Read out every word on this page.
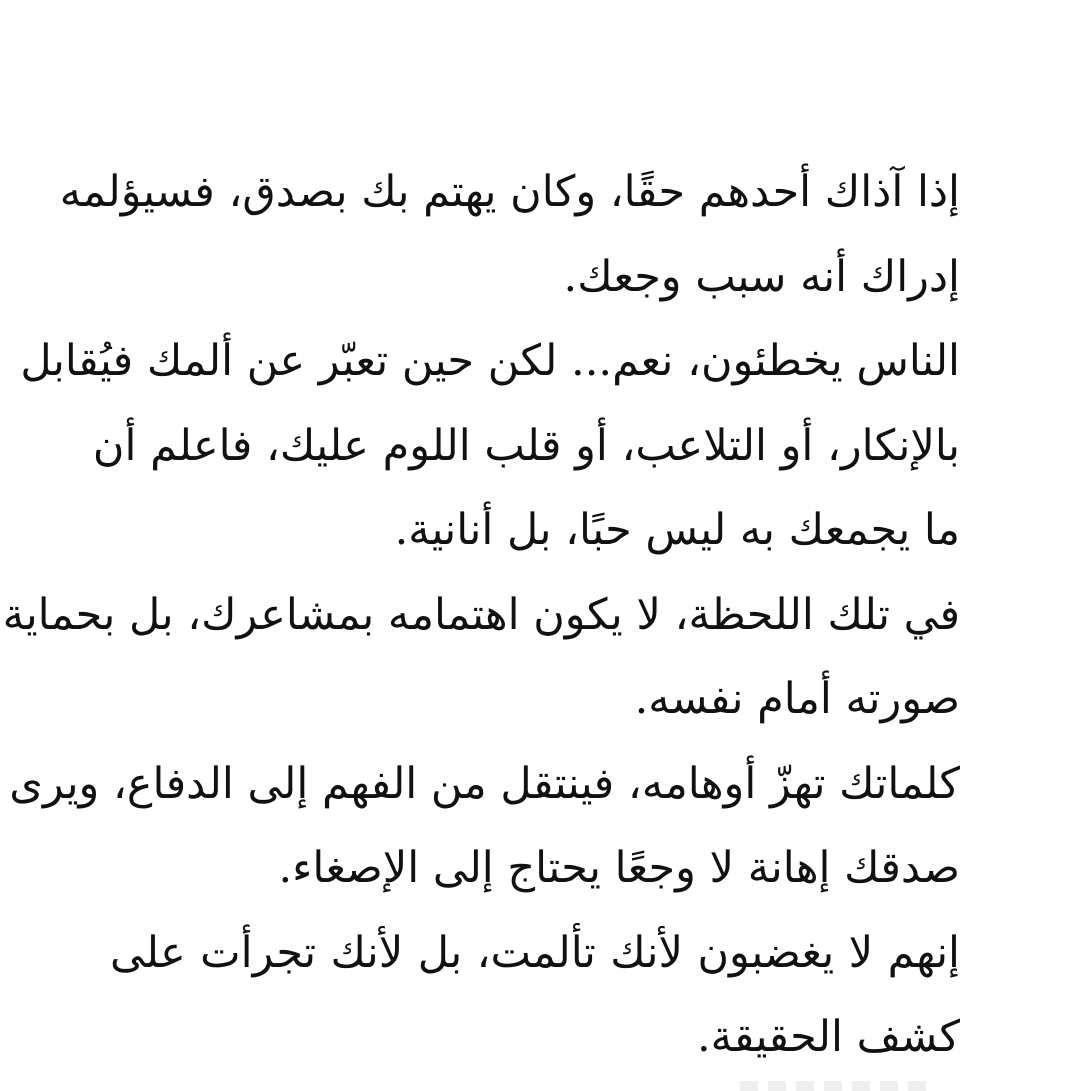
إذا آذاك أحدهم حقًا، وكان يهتم بك بصدق، فسيؤلمه
إدراك أنه سبب وجعك.
الناس يخطئون، نعم... لكن حين تعبّر عن ألمك فيُقابل
بالإنكار، أو التلاعب، أو قلب اللوم عليك، فاعلم أن
ما يجمعك به ليس حبًا، بل أنانية.
في تلك اللحظة، لا يكون اهتمامه بمشاعرك، بل بحماية
صورته أمام نفسه.
كلماتك تهزّ أوهامه، فينتقل من الفهم إلى الدفاع، ويرى
صدقك إهانة لا وجعًا يحتاج إلى الإصغاء.
إنهم لا يغضبون لأنك تألمت، بل لأنك تجرأت على
كشف الحقيقة.
